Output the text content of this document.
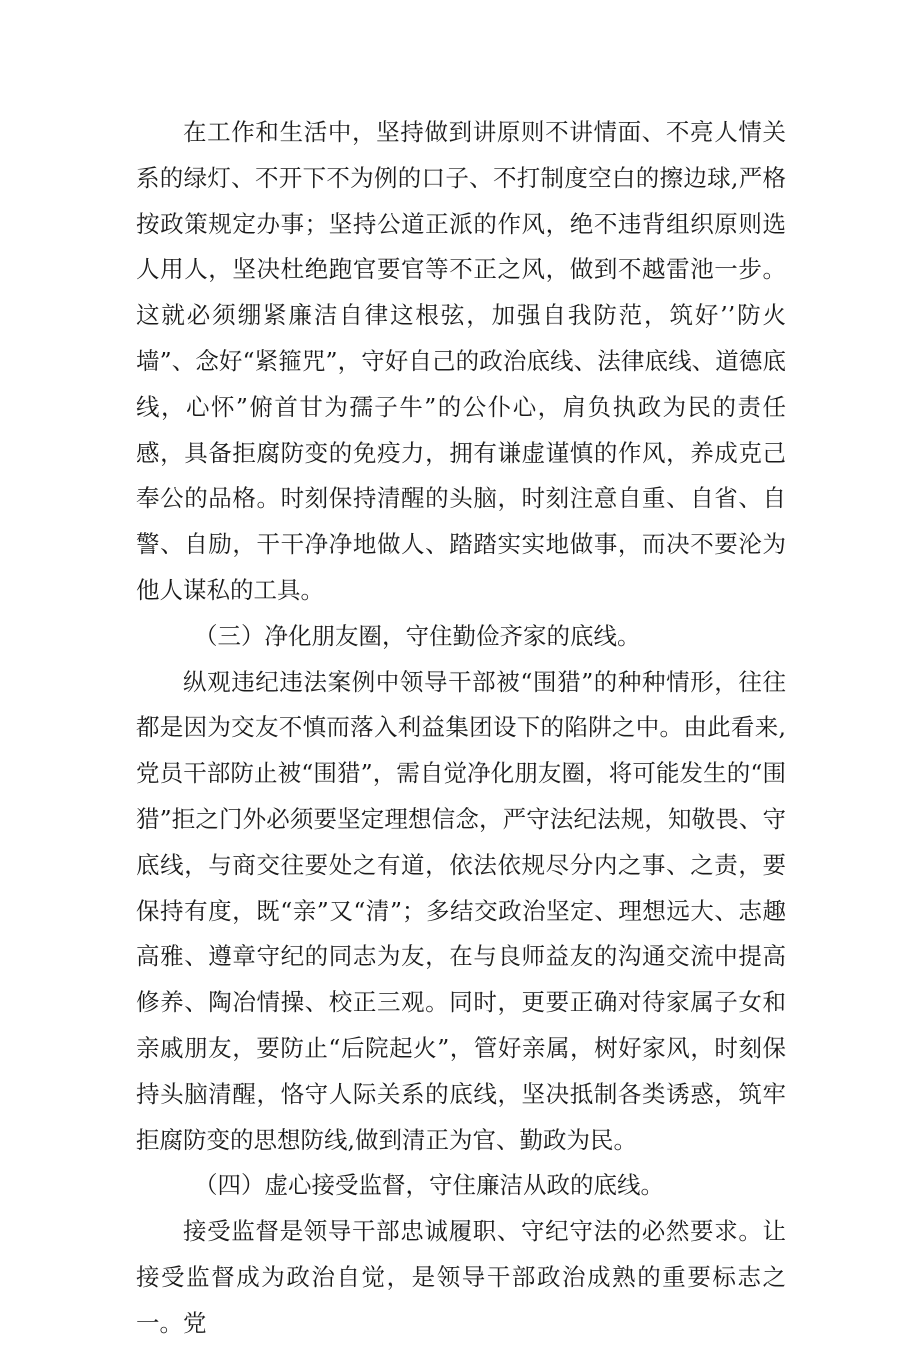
在工作和生活中，坚持做到讲原则不讲情面、不亮人情关系的绿灯、不开下不为例的口子、不打制度空白的擦边球,严格按政策规定办事；坚持公道正派的作风，绝不违背组织原则选人用人，坚决杜绝跑官要官等不正之风，做到不越雷池一步。这就必须绷紧廉洁自律这根弦，加强自我防范，筑好’’防火墙”、念好“紧箍咒”，守好自己的政治底线、法律底线、道德底线，心怀”俯首甘为孺子牛”的公仆心，肩负执政为民的责任感，具备拒腐防变的免疫力，拥有谦虚谨慎的作风，养成克己奉公的品格。时刻保持清醒的头脑，时刻注意自重、自省、自警、自励，干干净净地做人、踏踏实实地做事，而决不要沦为他人谋私的工具。

（三）净化朋友圈，守住勤俭齐家的底线。

纵观违纪违法案例中领导干部被“围猎”的种种情形，往往都是因为交友不慎而落入利益集团设下的陷阱之中。由此看来,党员干部防止被“围猎”，需自觉净化朋友圈，将可能发生的“围猎”拒之门外必须要坚定理想信念，严守法纪法规，知敬畏、守底线，与商交往要处之有道，依法依规尽分内之事、之责，要保持有度，既“亲”又“清”；多结交政治坚定、理想远大、志趣高雅、遵章守纪的同志为友，在与良师益友的沟通交流中提高修养、陶冶情操、校正三观。同时，更要正确对待家属子女和亲戚朋友，要防止“后院起火”，管好亲属，树好家风，时刻保持头脑清醒，恪守人际关系的底线，坚决抵制各类诱惑，筑牢拒腐防变的思想防线,做到清正为官、勤政为民。

（四）虚心接受监督，守住廉洁从政的底线。

接受监督是领导干部忠诚履职、守纪守法的必然要求。让接受监督成为政治自觉，是领导干部政治成熟的重要标志之一。党
